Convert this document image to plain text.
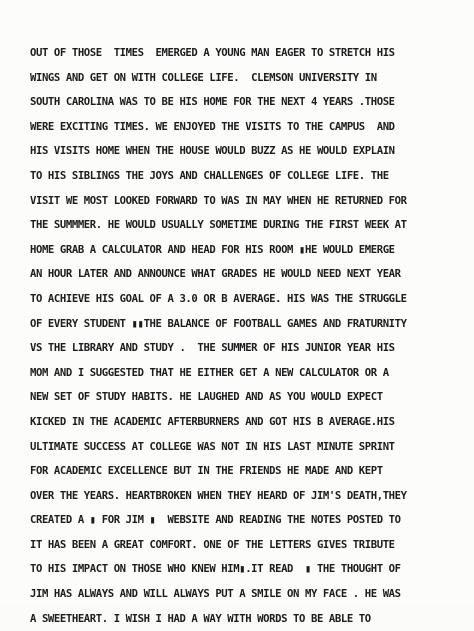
OUT OF THOSE  TIMES  EMERGED A YOUNG MAN EAGER TO STRETCH HIS
WINGS AND GET ON WITH COLLEGE LIFE.  CLEMSON UNIVERSITY IN
SOUTH CAROLINA WAS TO BE HIS HOME FOR THE NEXT 4 YEARS .THOSE
WERE EXCITING TIMES. WE ENJOYED THE VISITS TO THE CAMPUS  AND
HIS VISITS HOME WHEN THE HOUSE WOULD BUZZ AS HE WOULD EXPLAIN
TO HIS SIBLINGS THE JOYS AND CHALLENGES OF COLLEGE LIFE. THE
VISIT WE MOST LOOKED FORWARD TO WAS IN MAY WHEN HE RETURNED FOR
THE SUMMMER. HE WOULD USUALLY SOMETIME DURING THE FIRST WEEK AT
HOME GRAB A CALCULATOR AND HEAD FOR HIS ROOM ▮HE WOULD EMERGE
AN HOUR LATER AND ANNOUNCE WHAT GRADES HE WOULD NEED NEXT YEAR
TO ACHIEVE HIS GOAL OF A 3.0 OR B AVERAGE. HIS WAS THE STRUGGLE
OF EVERY STUDENT ▮▮THE BALANCE OF FOOTBALL GAMES AND FRATURNITY
VS THE LIBRARY AND STUDY .  THE SUMMER OF HIS JUNIOR YEAR HIS
MOM AND I SUGGESTED THAT HE EITHER GET A NEW CALCULATOR OR A
NEW SET OF STUDY HABITS. HE LAUGHED AND AS YOU WOULD EXPECT
KICKED IN THE ACADEMIC AFTERBURNERS AND GOT HIS B AVERAGE.HIS
ULTIMATE SUCCESS AT COLLEGE WAS NOT IN HIS LAST MINUTE SPRINT
FOR ACADEMIC EXCELLENCE BUT IN THE FRIENDS HE MADE AND KEPT
OVER THE YEARS. HEARTBROKEN WHEN THEY HEARD OF JIM'S DEATH,THEY
CREATED A ▮ FOR JIM ▮  WEBSITE AND READING THE NOTES POSTED TO
IT HAS BEEN A GREAT COMFORT. ONE OF THE LETTERS GIVES TRIBUTE
TO HIS IMPACT ON THOSE WHO KNEW HIM▮.IT READ  ▮ THE THOUGHT OF
JIM HAS ALWAYS AND WILL ALWAYS PUT A SMILE ON MY FACE . HE WAS
A SWEETHEART. I WISH I HAD A WAY WITH WORDS TO BE ABLE TO
